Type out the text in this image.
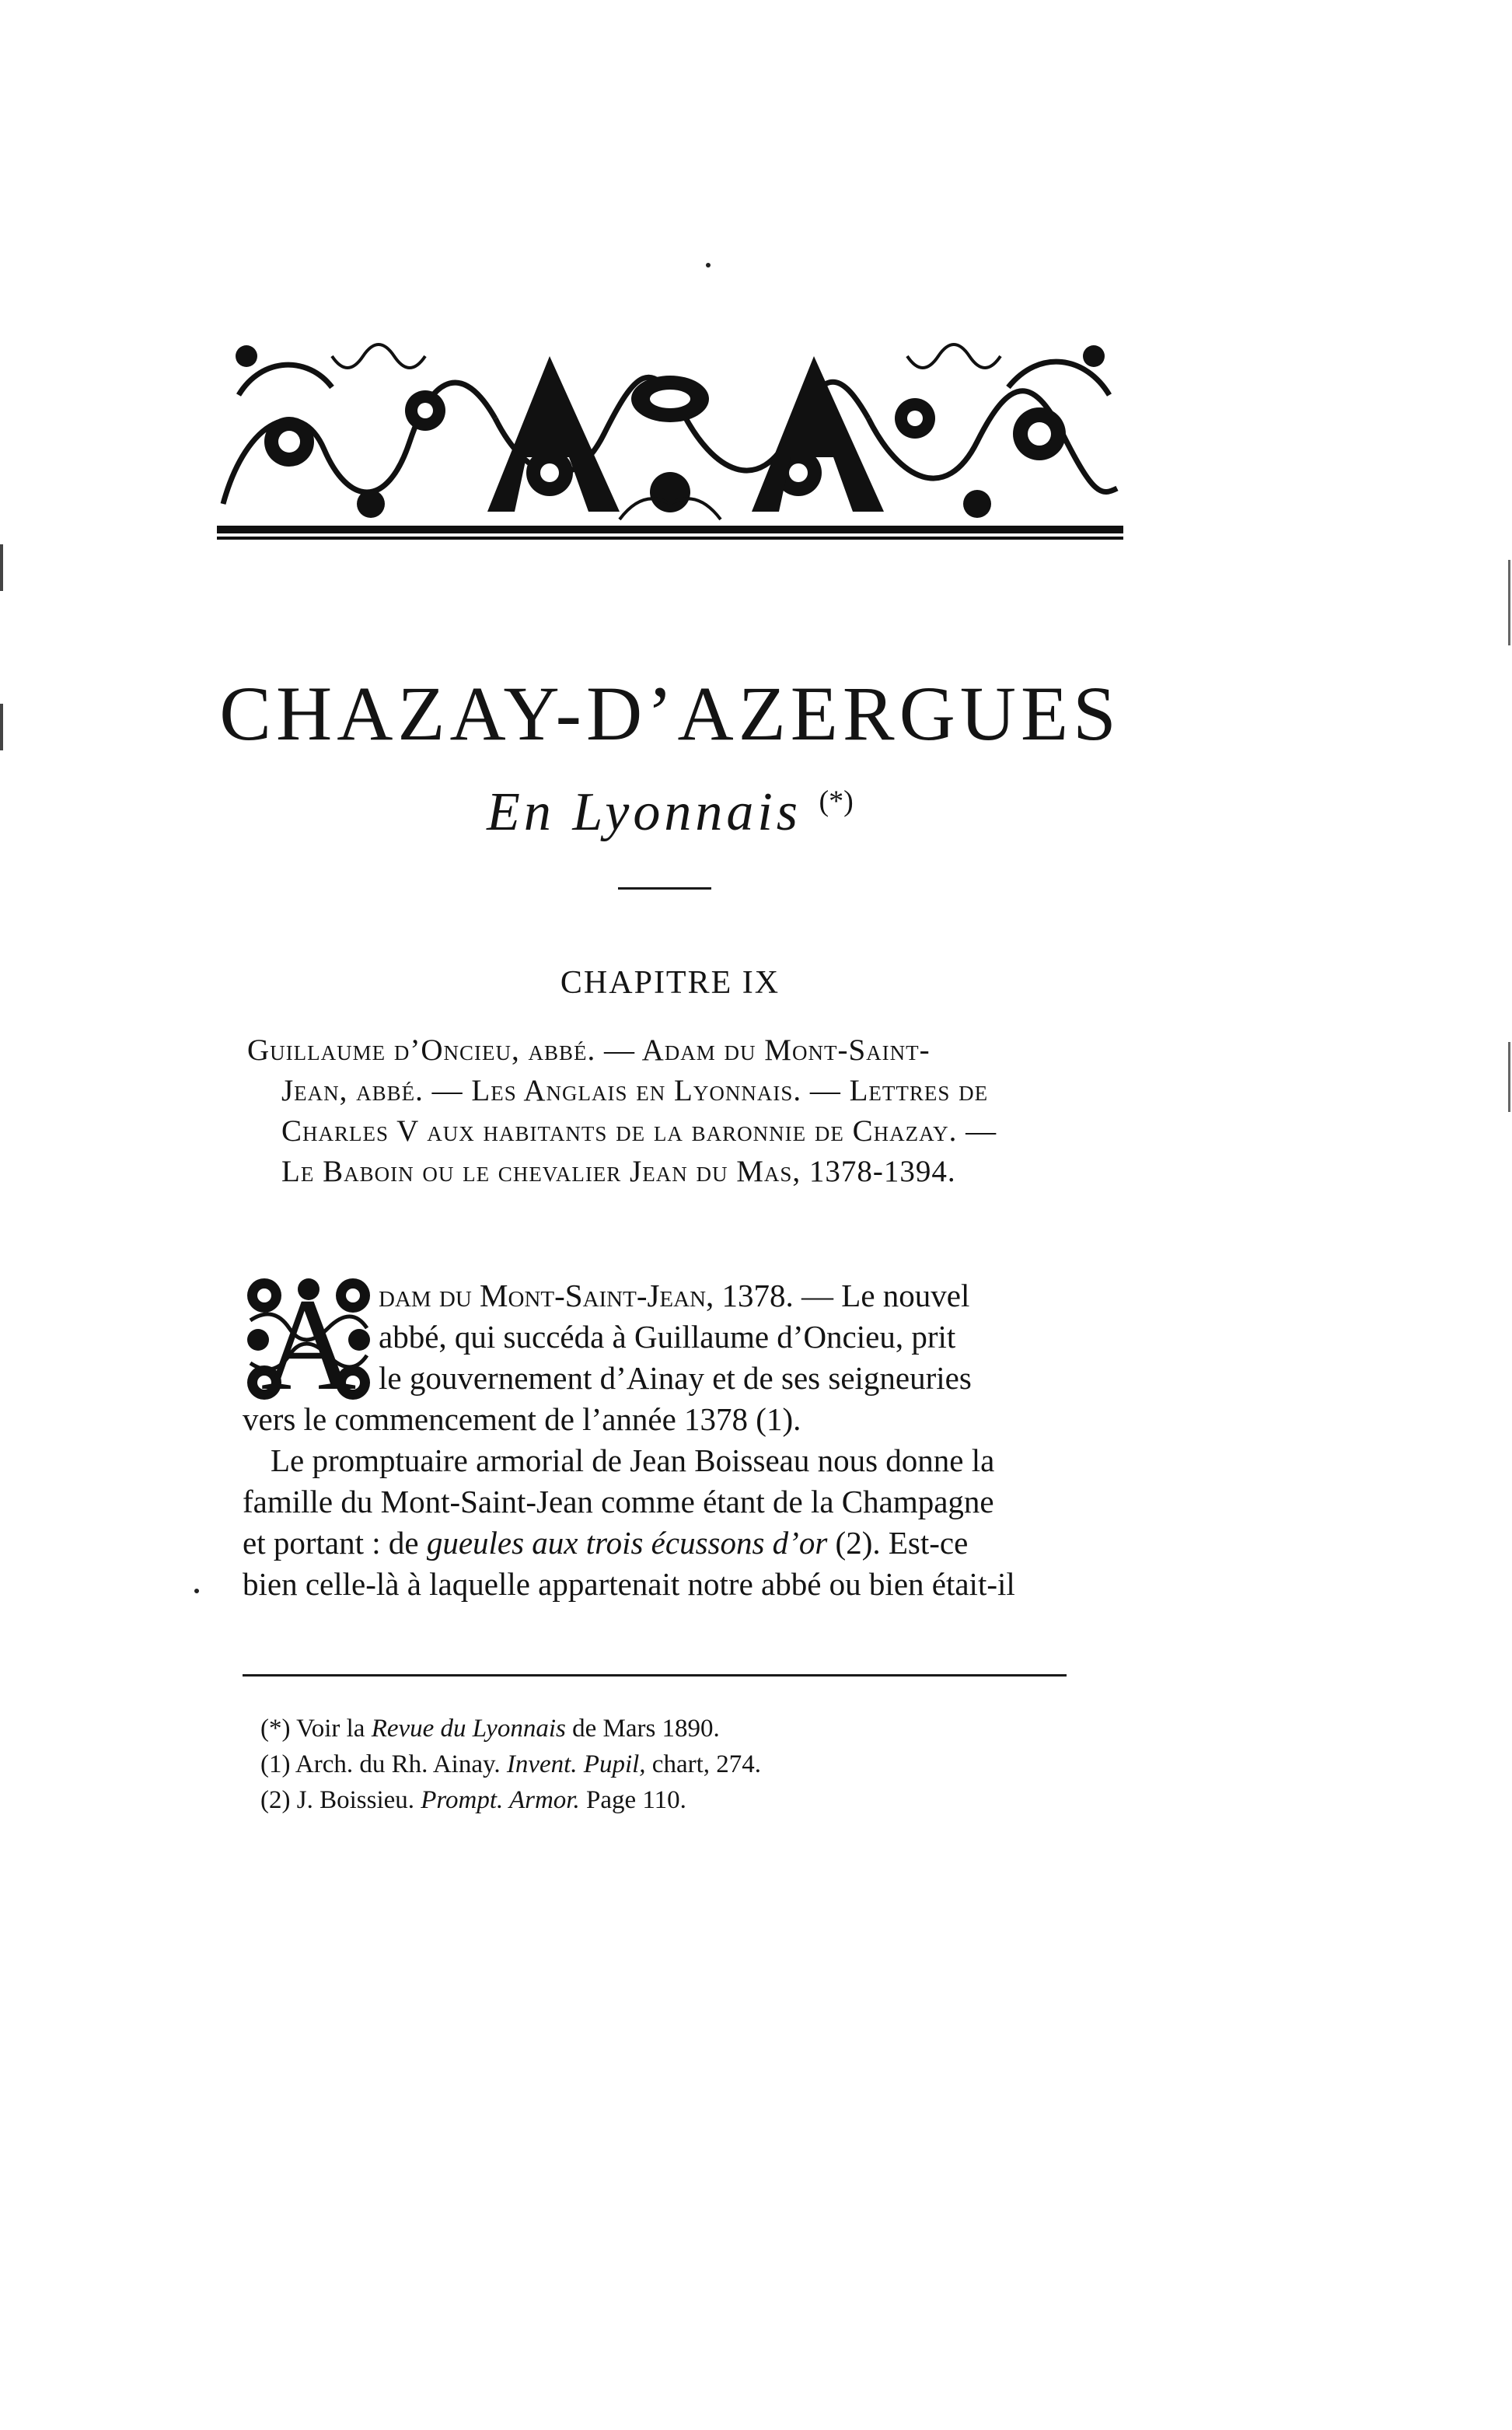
CHAZAY-D’AZERGUES
En Lyonnais (*)
CHAPITRE IX
Guillaume d’Oncieu, abbé. — Adam du Mont-Saint-
Jean, abbé. — Les Anglais en Lyonnais. — Lettres de
Charles V aux habitants de la baronnie de Chazay. —
Le Baboin ou le chevalier Jean du Mas, 1378-1394.
A dam du Mont-Saint-Jean, 1378. — Le nouvel
abbé, qui succéda à Guillaume d’Oncieu, prit
le gouvernement d’Ainay et de ses seigneuries
vers le commencement de l’année 1378 (1).
Le promptuaire armorial de Jean Boisseau nous donne la
famille du Mont-Saint-Jean comme étant de la Champagne
et portant : de gueules aux trois écussons d’or (2). Est-ce
bien celle-là à laquelle appartenait notre abbé ou bien était-il
(*) Voir la Revue du Lyonnais de Mars 1890.
(1) Arch. du Rh. Ainay. Invent. Pupil, chart, 274.
(2) J. Boissieu. Prompt. Armor. Page 110.
